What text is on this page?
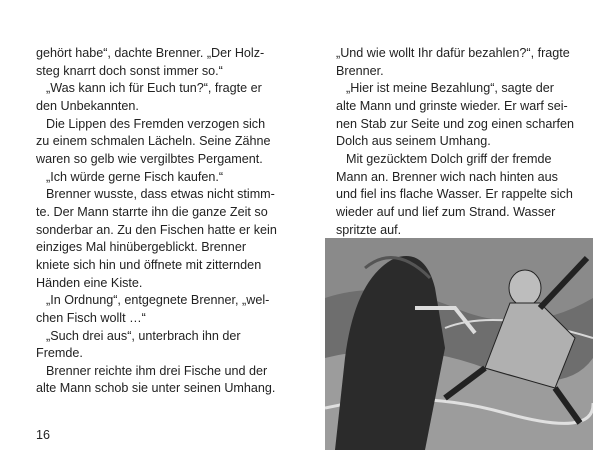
gehört habe“, dachte Brenner. „Der Holz-
steg knarrt doch sonst immer so.“
„Was kann ich für Euch tun?“, fragte er
den Unbekannten.
Die Lippen des Fremden verzogen sich
zu einem schmalen Lächeln. Seine Zähne
waren so gelb wie vergilbtes Pergament.
„Ich würde gerne Fisch kaufen.“
Brenner wusste, dass etwas nicht stimm-
te. Der Mann starrte ihn die ganze Zeit so
sonderbar an. Zu den Fischen hatte er kein
einziges Mal hinübergeblickt. Brenner
kniete sich hin und öffnete mit zitternden
Händen eine Kiste.
„In Ordnung“, entgegnete Brenner, „wel-
chen Fisch wollt …“
„Such drei aus“, unterbrach ihn der
Fremde.
Brenner reichte ihm drei Fische und der
alte Mann schob sie unter seinen Umhang.
„Und wie wollt Ihr dafür bezahlen?“, fragte
Brenner.
„Hier ist meine Bezahlung“, sagte der
alte Mann und grinste wieder. Er warf sei-
nen Stab zur Seite und zog einen scharfen
Dolch aus seinem Umhang.
Mit gezücktem Dolch griff der fremde
Mann an. Brenner wich nach hinten aus
und fiel ins flache Wasser. Er rappelte sich
wieder auf und lief zum Strand. Wasser
spritzte auf.
16
